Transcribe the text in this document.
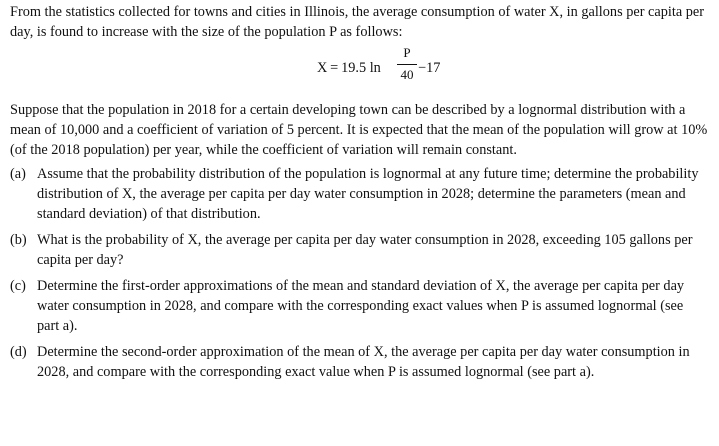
From the statistics collected for towns and cities in Illinois, the average consumption of water X, in gallons per capita per day, is found to increase with the size of the population P as follows:

X = 19.5 ln
P
40 −17

Suppose that the population in 2018 for a certain developing town can be described by a lognormal distribution with a mean of 10,000 and a coefficient of variation of 5 percent. It is expected that the mean of the population will grow at 10% (of the 2018 population) per year, while the coefficient of variation will remain constant.

(a) Assume that the probability distribution of the population is lognormal at any future time; determine the probability distribution of X, the average per capita per day water consumption in 2028; determine the parameters (mean and standard deviation) of that distribution.
(b) What is the probability of X, the average per capita per day water consumption in 2028, exceeding 105 gallons per capita per day?
(c) Determine the first-order approximations of the mean and standard deviation of X, the average per capita per day water consumption in 2028, and compare with the corresponding exact values when P is assumed lognormal (see part a).
(d) Determine the second-order approximation of the mean of X, the average per capita per day water consumption in 2028, and compare with the corresponding exact value when P is assumed lognormal (see part a).
